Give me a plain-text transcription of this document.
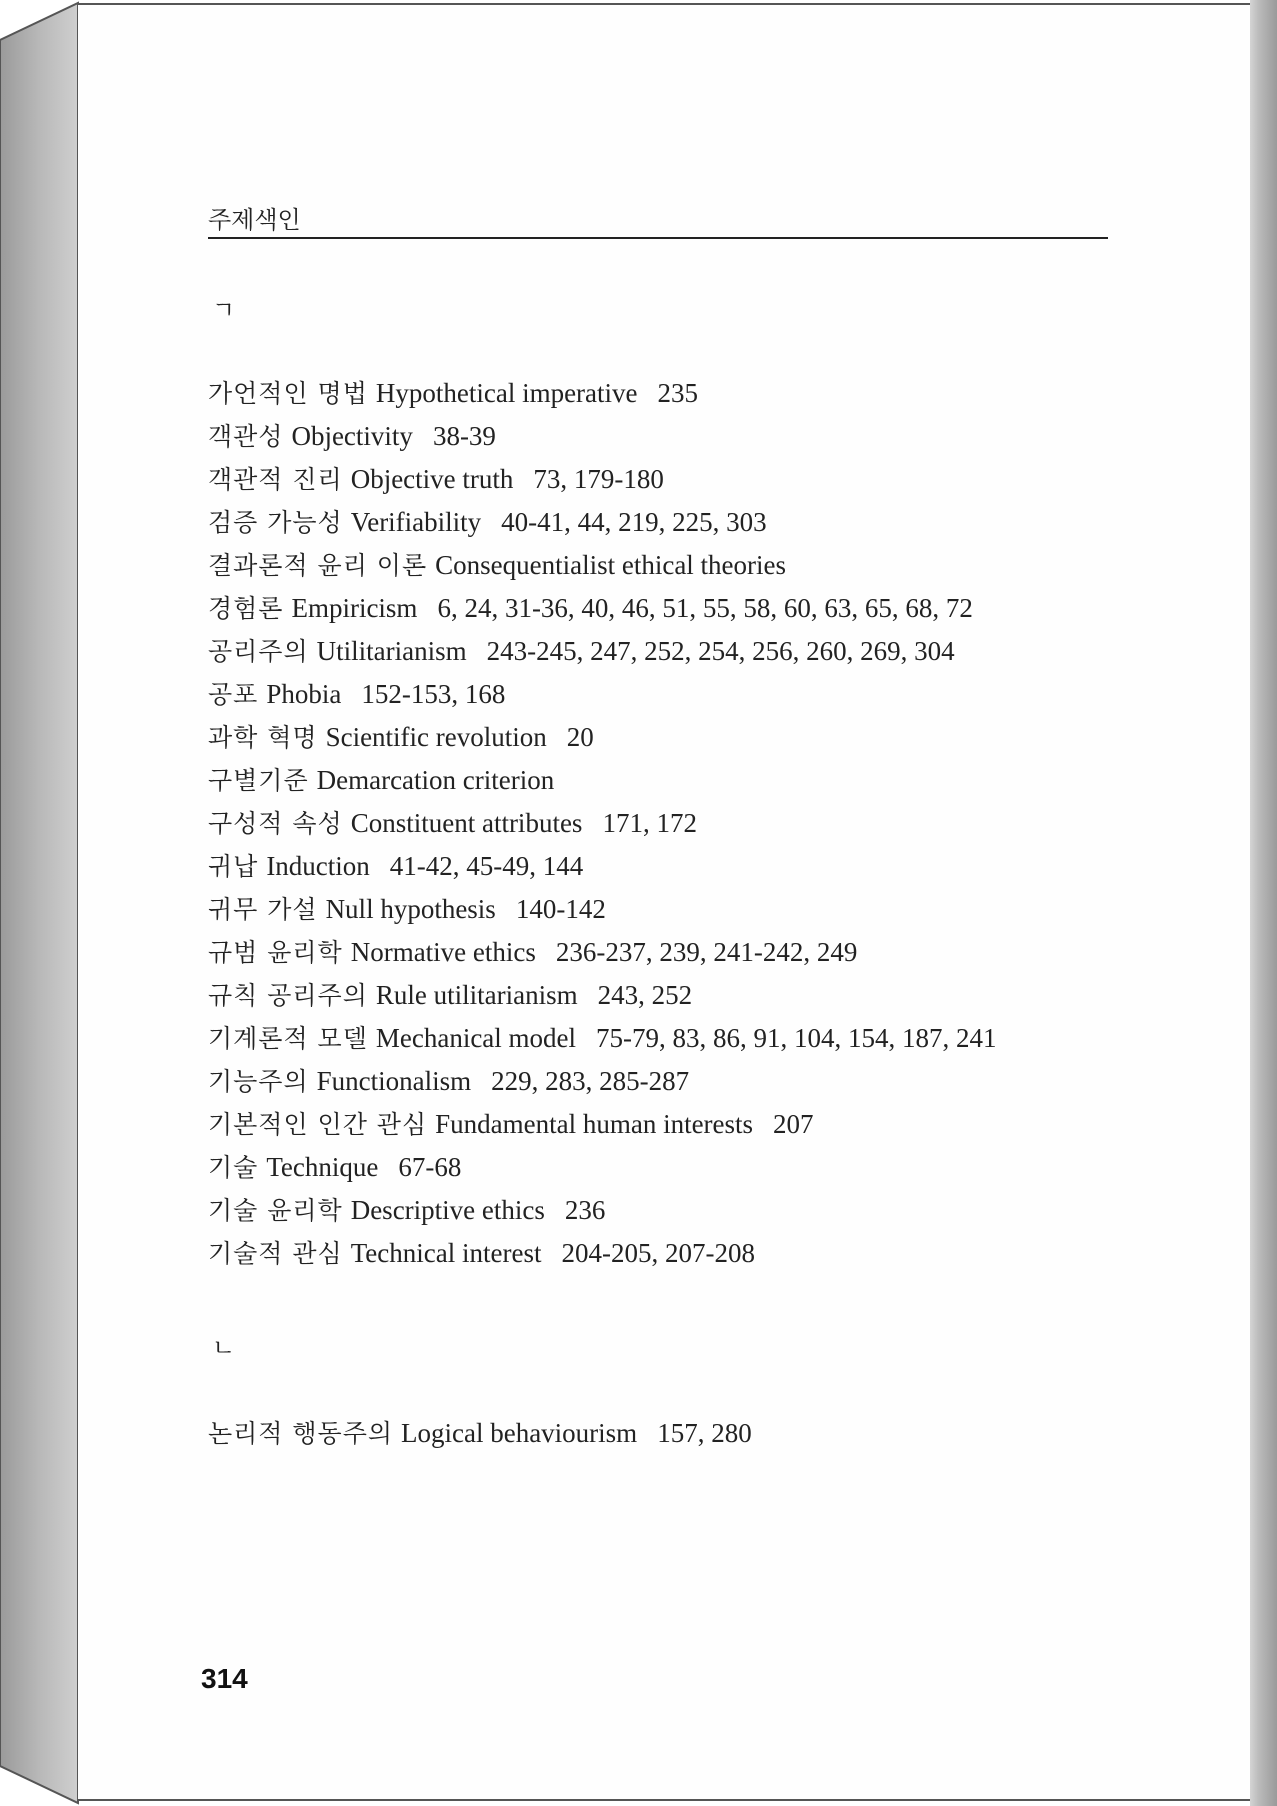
주제색인
ㄱ
가언적인 명법 Hypothetical imperative 235
객관성 Objectivity 38-39
객관적 진리 Objective truth 73, 179-180
검증 가능성 Verifiability 40-41, 44, 219, 225, 303
결과론적 윤리 이론 Consequentialist ethical theories
경험론 Empiricism 6, 24, 31-36, 40, 46, 51, 55, 58, 60, 63, 65, 68, 72
공리주의 Utilitarianism 243-245, 247, 252, 254, 256, 260, 269, 304
공포 Phobia 152-153, 168
과학 혁명 Scientific revolution 20
구별기준 Demarcation criterion
구성적 속성 Constituent attributes 171, 172
귀납 Induction 41-42, 45-49, 144
귀무 가설 Null hypothesis 140-142
규범 윤리학 Normative ethics 236-237, 239, 241-242, 249
규칙 공리주의 Rule utilitarianism 243, 252
기계론적 모델 Mechanical model 75-79, 83, 86, 91, 104, 154, 187, 241
기능주의 Functionalism 229, 283, 285-287
기본적인 인간 관심 Fundamental human interests 207
기술 Technique 67-68
기술 윤리학 Descriptive ethics 236
기술적 관심 Technical interest 204-205, 207-208
ㄴ
논리적 행동주의 Logical behaviourism 157, 280
314
